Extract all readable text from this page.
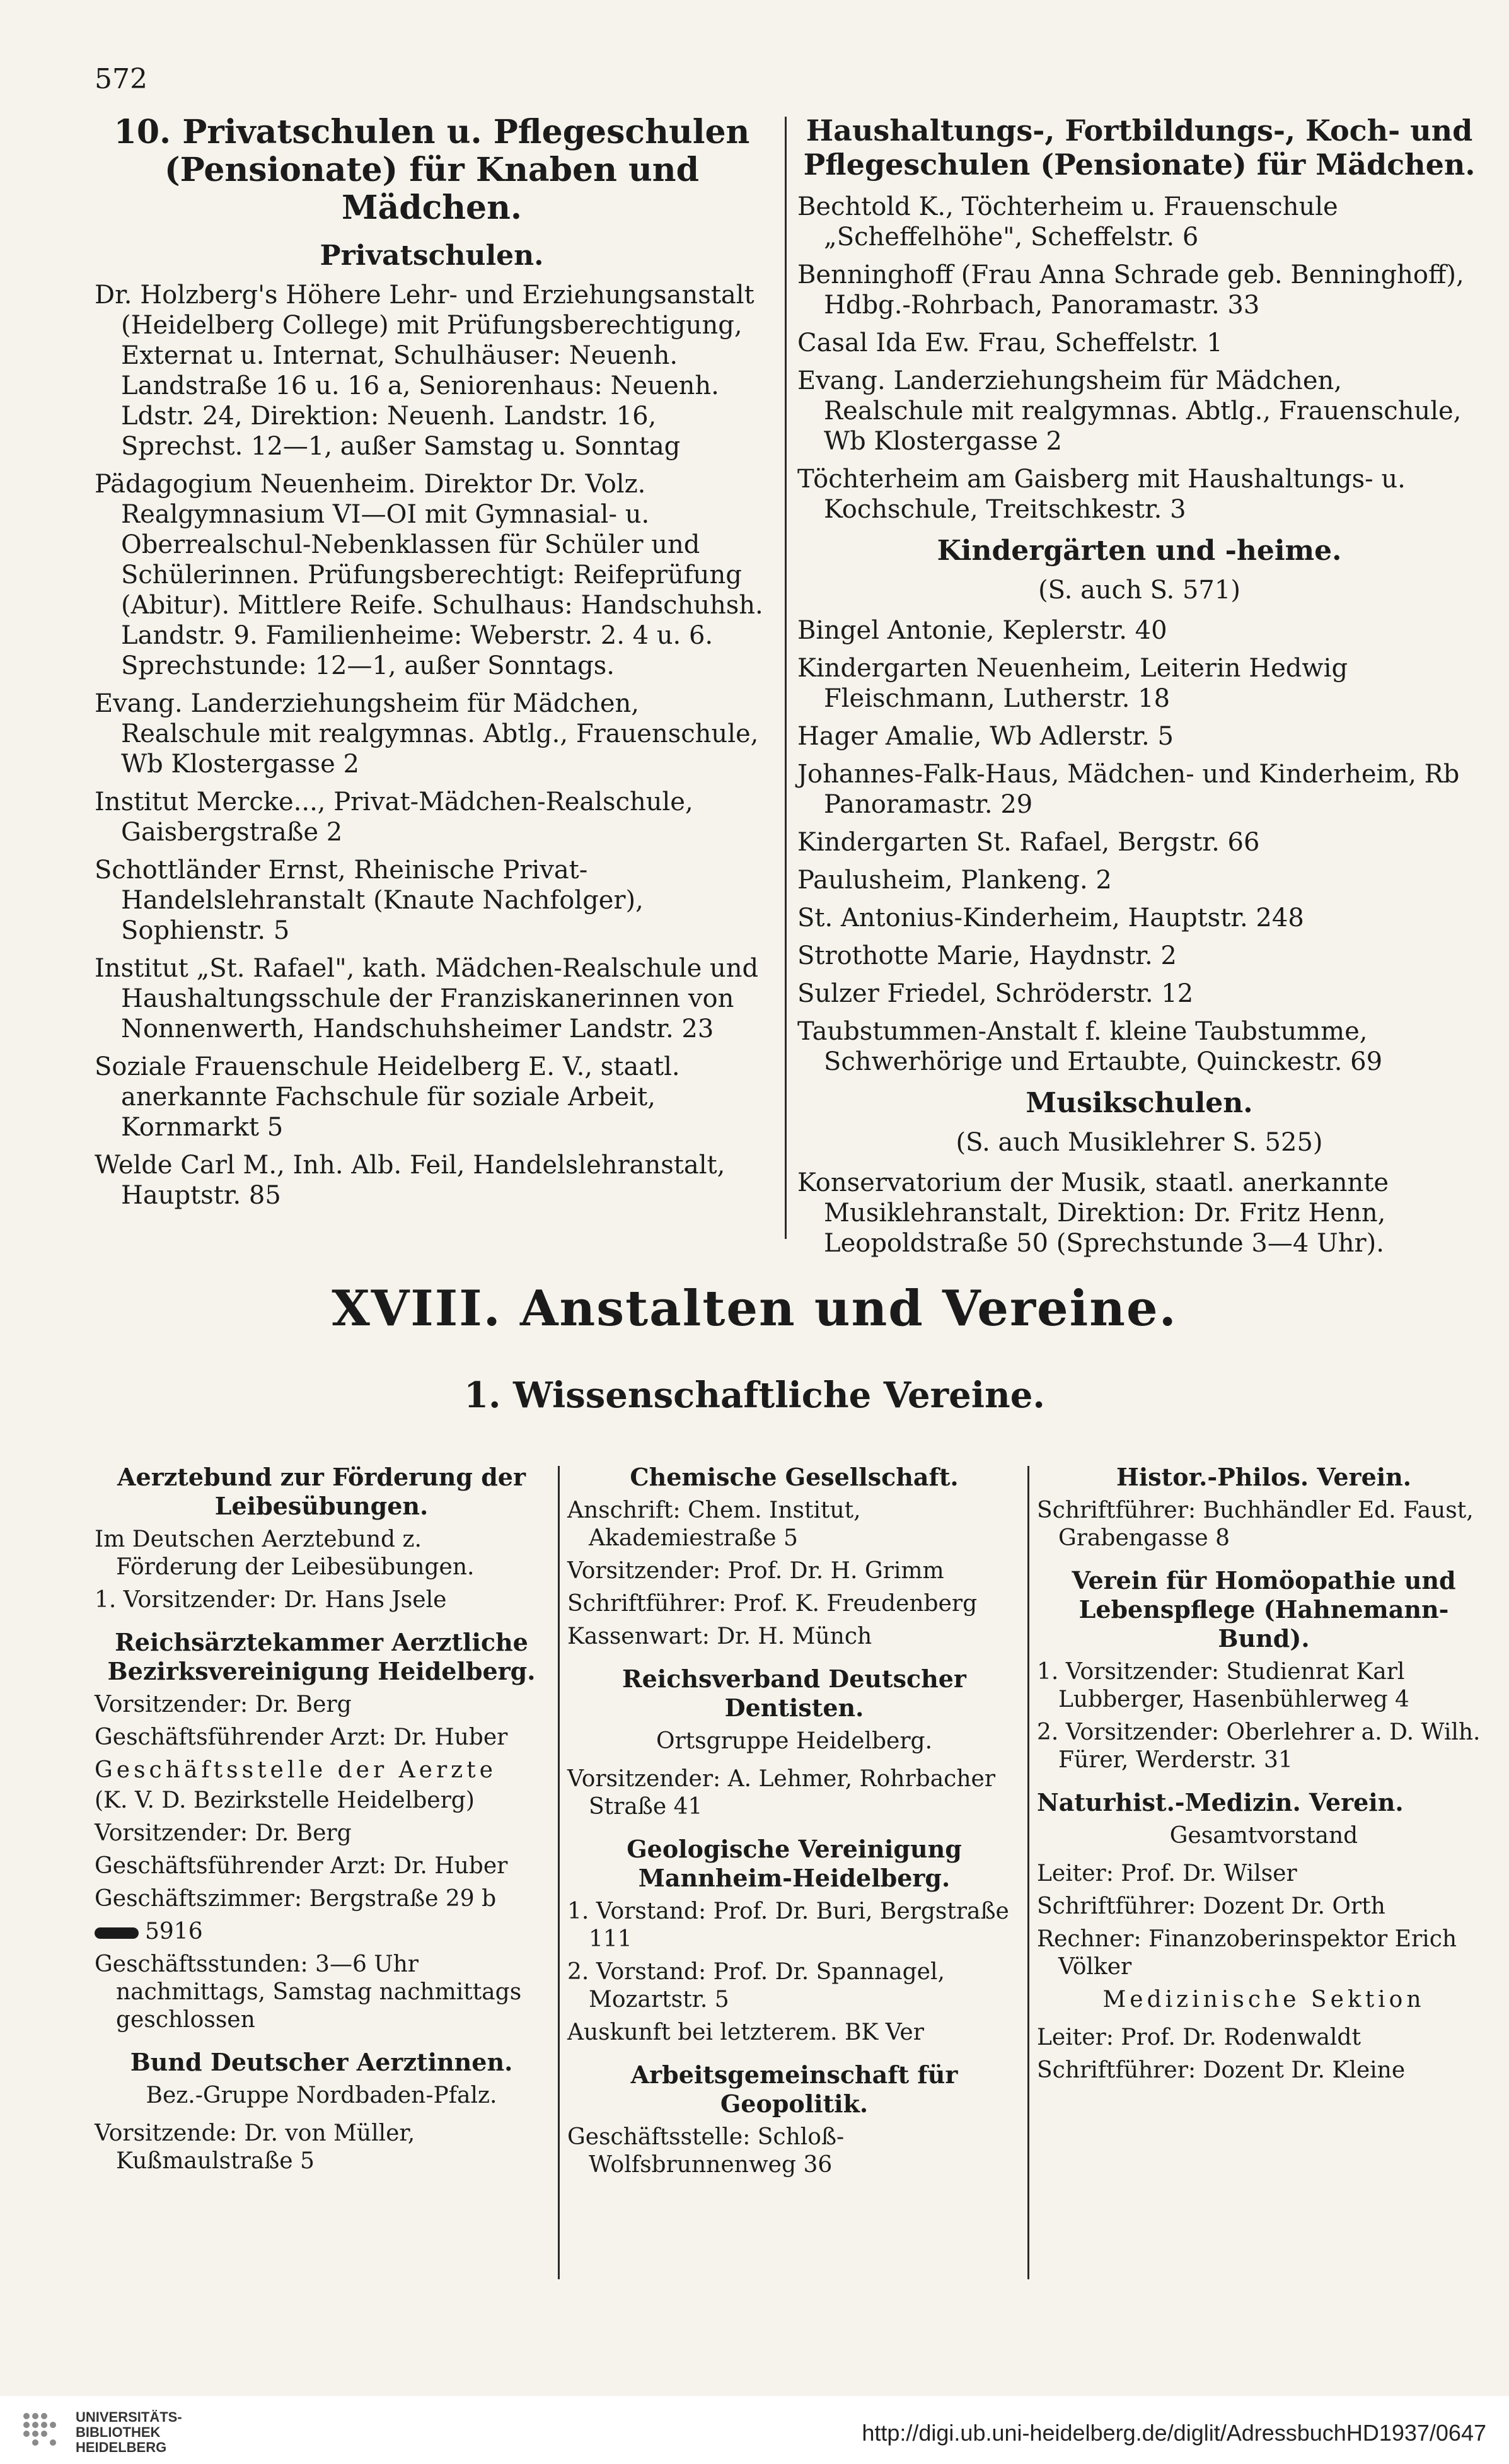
572
10. Privatschulen u. Pflegeschulen (Pensionate) für Knaben und Mädchen.
Privatschulen.
Dr. Holzberg's Höhere Lehr- und Erziehungsanstalt (Heidelberg College) mit Prüfungsberechtigung, Externat u. Internat, Schulhäuser: Neuenh. Landstraße 16 u. 16 a, Seniorenhaus: Neuenh. Ldstr. 24, Direktion: Neuenh. Landstr. 16, Sprechst. 12—1, außer Samstag u. Sonntag
Pädagogium Neuenheim. Direktor Dr. Volz. Realgymnasium VI—OI mit Gymnasial- u. Oberrealschul-Nebenklassen für Schüler und Schülerinnen. Prüfungsberechtigt: Reifeprüfung (Abitur). Mittlere Reife. Schulhaus: Handschuhsh. Landstr. 9. Familienheime: Weberstr. 2. 4 u. 6. Sprechstunde: 12—1, außer Sonntags.
Evang. Landerziehungsheim für Mädchen, Realschule mit realgymnas. Abtlg., Frauenschule, Wb Klostergasse 2
Institut Mercke..., Privat-Mädchen-Realschule, Gaisbergstraße 2
Schottländer Ernst, Rheinische Privat-Handelslehranstalt (Knaute Nachfolger), Sophienstr. 5
Institut „St. Rafael", kath. Mädchen-Realschule und Haushaltungsschule der Franziskanerinnen von Nonnenwerth, Handschuhsheimer Landstr. 23
Soziale Frauenschule Heidelberg E. V., staatl. anerkannte Fachschule für soziale Arbeit, Kornmarkt 5
Welde Carl M., Inh. Alb. Feil, Handelslehranstalt, Hauptstr. 85
Haushaltungs-, Fortbildungs-, Koch- und Pflegeschulen (Pensionate) für Mädchen.
Bechtold K., Töchterheim u. Frauenschule „Scheffelhöhe", Scheffelstr. 6
Benninghoff (Frau Anna Schrade geb. Benninghoff), Hdbg.-Rohrbach, Panoramastr. 33
Casal Ida Ew. Frau, Scheffelstr. 1
Evang. Landerziehungsheim für Mädchen, Realschule mit realgymnas. Abtlg., Frauenschule, Wb Klostergasse 2
Töchterheim am Gaisberg mit Haushaltungs- u. Kochschule, Treitschkestr. 3
Kindergärten und -heime.
(S. auch S. 571)
Bingel Antonie, Keplerstr. 40
Kindergarten Neuenheim, Leiterin Hedwig Fleischmann, Lutherstr. 18
Hager Amalie, Wb Adlerstr. 5
Johannes-Falk-Haus, Mädchen- und Kinderheim, Rb Panoramastr. 29
Kindergarten St. Rafael, Bergstr. 66
Paulusheim, Plankeng. 2
St. Antonius-Kinderheim, Hauptstr. 248
Strothotte Marie, Haydnstr. 2
Sulzer Friedel, Schröderstr. 12
Taubstummen-Anstalt f. kleine Taubstumme, Schwerhörige und Ertaubte, Quinckestr. 69
Musikschulen.
(S. auch Musiklehrer S. 525)
Konservatorium der Musik, staatl. anerkannte Musiklehranstalt, Direktion: Dr. Fritz Henn, Leopoldstraße 50 (Sprechstunde 3—4 Uhr).
XVIII. Anstalten und Vereine.
1. Wissenschaftliche Vereine.
Aerztebund zur Förderung der Leibesübungen.
Im Deutschen Aerztebund z. Förderung der Leibesübungen.
1. Vorsitzender: Dr. Hans Jsele
Reichsärztekammer Aerztliche Bezirksvereinigung Heidelberg.
Vorsitzender: Dr. Berg
Geschäftsführender Arzt: Dr. Huber
Geschäftsstelle der Aerzte
(K. V. D. Bezirkstelle Heidelberg)
Vorsitzender: Dr. Berg
Geschäftsführender Arzt: Dr. Huber
Geschäftszimmer: Bergstraße 29 b
5916
Geschäftsstunden: 3—6 Uhr nachmittags, Samstag nachmittags geschlossen
Bund Deutscher Aerztinnen.
Bez.-Gruppe Nordbaden-Pfalz.
Vorsitzende: Dr. von Müller, Kußmaulstraße 5
Chemische Gesellschaft.
Anschrift: Chem. Institut, Akademiestraße 5
Vorsitzender: Prof. Dr. H. Grimm
Schriftführer: Prof. K. Freudenberg
Kassenwart: Dr. H. Münch
Reichsverband Deutscher Dentisten.
Ortsgruppe Heidelberg.
Vorsitzender: A. Lehmer, Rohrbacher Straße 41
Geologische Vereinigung Mannheim-Heidelberg.
1. Vorstand: Prof. Dr. Buri, Bergstraße 111
2. Vorstand: Prof. Dr. Spannagel, Mozartstr. 5
Auskunft bei letzterem. BK Ver
Arbeitsgemeinschaft für Geopolitik.
Geschäftsstelle: Schloß-Wolfsbrunnenweg 36
Histor.-Philos. Verein.
Schriftführer: Buchhändler Ed. Faust, Grabengasse 8
Verein für Homöopathie und Lebenspflege (Hahnemann-Bund).
1. Vorsitzender: Studienrat Karl Lubberger, Hasenbühlerweg 4
2. Vorsitzender: Oberlehrer a. D. Wilh. Fürer, Werderstr. 31
Naturhist.-Medizin. Verein.
Gesamtvorstand
Leiter: Prof. Dr. Wilser
Schriftführer: Dozent Dr. Orth
Rechner: Finanzoberinspektor Erich Völker
Medizinische Sektion
Leiter: Prof. Dr. Rodenwaldt
Schriftführer: Dozent Dr. Kleine
UNIVERSITÄTS-
BIBLIOTHEK
HEIDELBERG
http://digi.ub.uni-heidelberg.de/diglit/AdressbuchHD1937/0647
